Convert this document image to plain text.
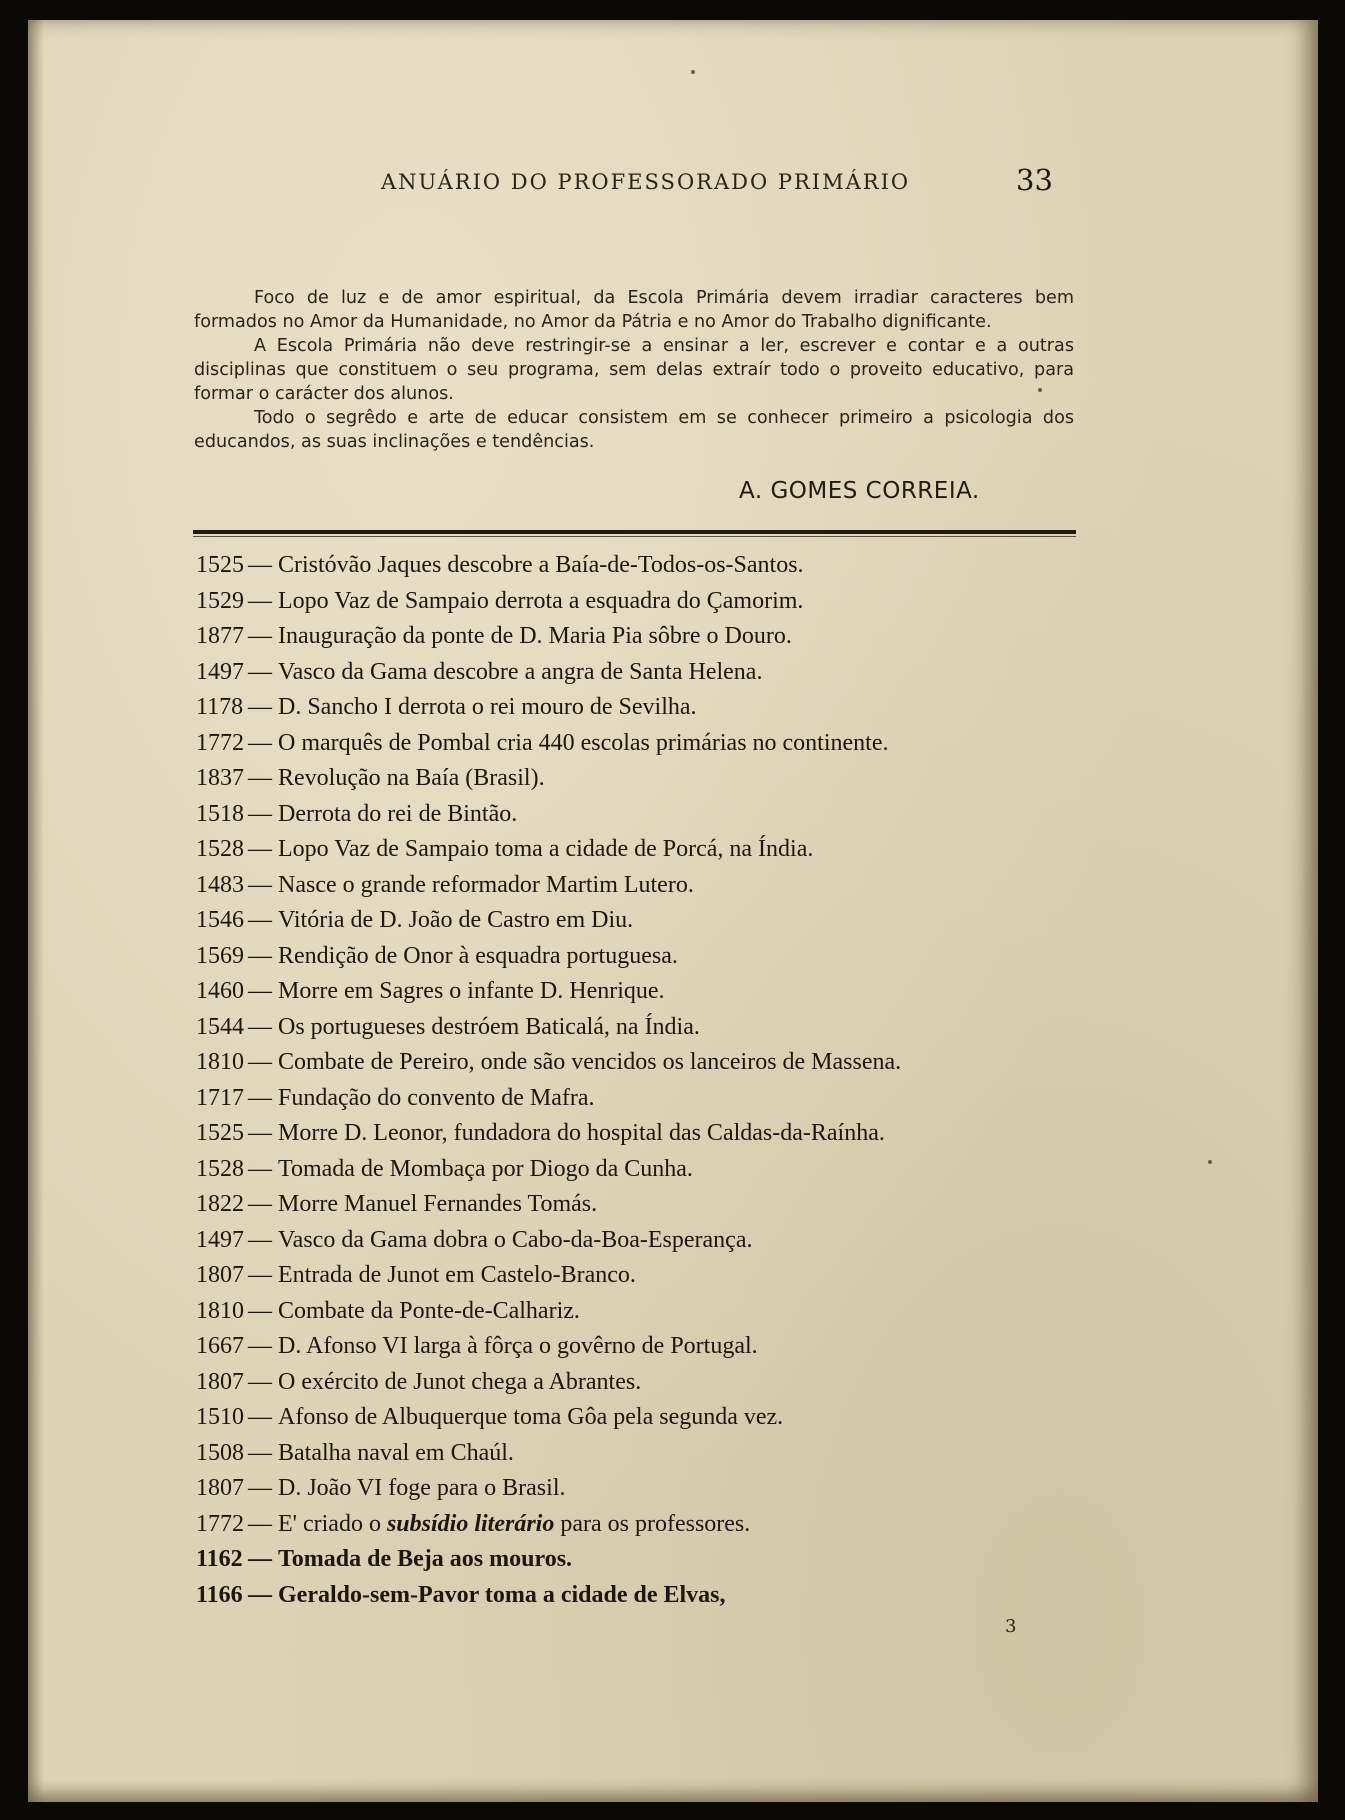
ANUÁRIO DO PROFESSORADO PRIMÁRIO	33

Foco de luz e de amor espiritual, da Escola Primária devem irradiar caracteres bem formados no Amor da Humanidade, no Amor da Pátria e no Amor do Trabalho dignificante.

A Escola Primária não deve restringir-se a ensinar a ler, escrever e contar e a outras disciplinas que constituem o seu programa, sem delas extraír todo o proveito educativo, para formar o carácter dos alunos.

Todo o segrêdo e arte de educar consistem em se conhecer primeiro a psicologia dos educandos, as suas inclinações e tendências.

A. GOMES CORREIA.
1525 — Cristóvão Jaques descobre a Baía-de-Todos-os-Santos.
1529 — Lopo Vaz de Sampaio derrota a esquadra do Çamorim.
1877 — Inauguração da ponte de D. Maria Pia sôbre o Douro.
1497 — Vasco da Gama descobre a angra de Santa Helena.
1178 — D. Sancho I derrota o rei mouro de Sevilha.
1772 — O marquês de Pombal cria 440 escolas primárias no continente.
1837 — Revolução na Baía (Brasil).
1518 — Derrota do rei de Bintão.
1528 — Lopo Vaz de Sampaio toma a cidade de Porcá, na Índia.
1483 — Nasce o grande reformador Martim Lutero.
1546 — Vitória de D. João de Castro em Diu.
1569 — Rendição de Onor à esquadra portuguesa.
1460 — Morre em Sagres o infante D. Henrique.
1544 — Os portugueses destróem Baticalá, na Índia.
1810 — Combate de Pereiro, onde são vencidos os lanceiros de Massena.
1717 — Fundação do convento de Mafra.
1525 — Morre D. Leonor, fundadora do hospital das Caldas-da-Raínha.
1528 — Tomada de Mombaça por Diogo da Cunha.
1822 — Morre Manuel Fernandes Tomás.
1497 — Vasco da Gama dobra o Cabo-da-Boa-Esperança.
1807 — Entrada de Junot em Castelo-Branco.
1810 — Combate da Ponte-de-Calhariz.
1667 — D. Afonso VI larga à fôrça o govêrno de Portugal.
1807 — O exército de Junot chega a Abrantes.
1510 — Afonso de Albuquerque toma Gôa pela segunda vez.
1508 — Batalha naval em Chaúl.
1807 — D. João VI foge para o Brasil.
1772 — E' criado o subsídio literário para os professores.
1162 — Tomada de Beja aos mouros.
1166 — Geraldo-sem-Pavor toma a cidade de Elvas,
3
